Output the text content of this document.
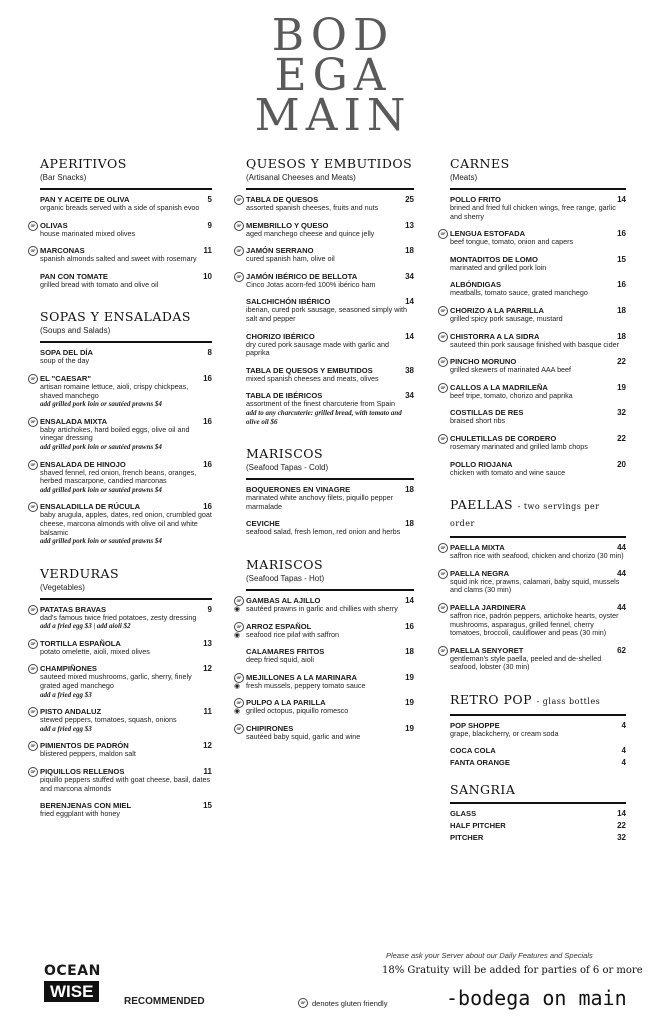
BOD
EGA
MAIN
APERITIVOS
(Bar Snacks)
PAN Y ACEITE DE OLIVA	5
organic breads served with a side of spanish evoo
GF OLIVAS	9
house marinated mixed olives
GF MARCONAS	11
spanish almonds salted and sweet with rosemary
PAN CON TOMATE	10
grilled bread with tomato and olive oil
SOPAS Y ENSALADAS
(Soups and Salads)
SOPA DEL DÍA	8
soup of the day
GF EL "CAESAR"	16
artisan romaine lettuce, aioli, crispy chickpeas, shaved manchego
add grilled pork loin or sautéed prawns $4
GF ENSALADA MIXTA	16
baby artichokes, hard boiled eggs, olive oil and vinegar dressing
add grilled pork loin or sautéed prawns $4
GF ENSALADA DE HINOJO	16
shaved fennel, red onion, french beans, oranges, herbed mascarpone, candied marconas
add grilled pork loin or sautéed prawns $4
GF ENSALADILLA DE RÚCULA	16
baby arugula, apples, dates, red onion, crumbled goat cheese, marcona almonds with olive oil and white balsamic
add grilled pork loin or sautéed prawns $4
VERDURAS
(Vegetables)
GF PATATAS BRAVAS	9
dad's famous twice fried potatoes, zesty dressing
add a fried egg $3 | add aioli $2
GF TORTILLA ESPAÑOLA	13
potato omelette, aioli, mixed olives
GF CHAMPIÑONES	12
sauteed mixed mushrooms, garlic, sherry, finely grated aged manchego
add a fried egg $3
GF PISTO ANDALUZ	11
stewed peppers, tomatoes, squash, onions
add a fried egg $3
GF PIMIENTOS DE PADRÓN	12
blistered peppers, maldon salt
GF PIQUILLOS RELLENOS	11
piquillo peppers stuffed with goat cheese, basil, dates and marcona almonds
BERENJENAS CON MIEL	15
fried eggplant with honey
QUESOS Y EMBUTIDOS
(Artisanal Cheeses and Meats)
GF TABLA DE QUESOS	25
assorted spanish cheeses, fruits and nuts
GF MEMBRILLO Y QUESO	13
aged manchego cheese and quince jelly
GF JAMÓN SERRANO	18
cured spanish ham, olive oil
GF JAMÓN IBÉRICO DE BELLOTA	34
Cinco Jotas acorn-fed 100% ibérico ham
SALCHICHÓN IBÉRICO	14
iberian, cured pork sausage, seasoned simply with salt and pepper
CHORIZO IBÉRICO	14
dry cured pork sausage made with garlic and paprika
TABLA DE QUESOS Y EMBUTIDOS	38
mixed spanish cheeses and meats, olives
TABLA DE IBÉRICOS	34
assortment of the finest charcuterie from Spain
add to any charcuterie: grilled bread, with tomato and olive oil $6
MARISCOS
(Seafood Tapas - Cold)
BOQUERONES EN VINAGRE	18
marinated white anchovy filets, piquillo pepper marmalade
CEVICHE	18
seafood salad, fresh lemon, red onion and herbs
MARISCOS
(Seafood Tapas - Hot)
GF
◉
GAMBAS AL AJILLO	14
sautéed prawns in garlic and chillies with sherry
GF
◉
ARROZ ESPAÑOL	16
seafood rice pilaf with saffron
CALAMARES FRITOS	18
deep fried squid, aioli
GF
◉
MEJILLONES A LA MARINARA	19
fresh mussels, peppery tomato sauce
GF
◉
PULPO A LA PARILLA	19
grilled octopus, piquillo romesco
GF CHIPIRONES	19
sautéed baby squid, garlic and wine
CARNES
(Meats)
POLLO FRITO	14
brined and fried full chicken wings, free range, garlic and sherry
GF LENGUA ESTOFADA	16
beef tongue, tomato, onion and capers
MONTADITOS DE LOMO	15
marinated and grilled pork loin
ALBÓNDIGAS	16
meatballs, tomato sauce, grated manchego
GF CHORIZO A LA PARRILLA	18
grilled spicy pork sausage, mustard
GF CHISTORRA A LA SIDRA	18
sauteed thin pork sausage finished with basque cider
GF PINCHO MORUNO	22
grilled skewers of marinated AAA beef
GF CALLOS A LA MADRILEÑA	19
beef tripe, tomato, chorizo and paprika
COSTILLAS DE RES	32
braised short ribs
GF CHULETILLAS DE CORDERO	22
rosemary marinated and grilled lamb chops
POLLO RIOJANA	20
chicken with tomato and wine sauce
PAELLAS - two servings per order
GF PAELLA MIXTA	44
saffron rice with seafood, chicken and chorizo (30 min)
GF PAELLA NEGRA	44
squid ink rice, prawns, calamari, baby squid, mussels and clams (30 min)
GF PAELLA JARDINERA	44
saffron rice, padrón peppers, artichoke hearts, oyster mushrooms, asparagus, grilled fennel, cherry tomatoes, broccoli, cauliflower and peas (30 min)
GF PAELLA SENYORET	62
gentleman's style paella, peeled and de-shelled seafood, lobster (30 min)
RETRO POP - glass bottles
POP SHOPPE	4
grape, blackcherry, or cream soda
COCA COLA	4
FANTA ORANGE	4
SANGRIA
GLASS	14
HALF PITCHER	22
PITCHER	32
OCEAN
WISE
RECOMMENDED	GF denotes gluten friendly
Please ask your Server about our Daily Features and Specials
18% Gratuity will be added for parties of 6 or more
-bodega on main
